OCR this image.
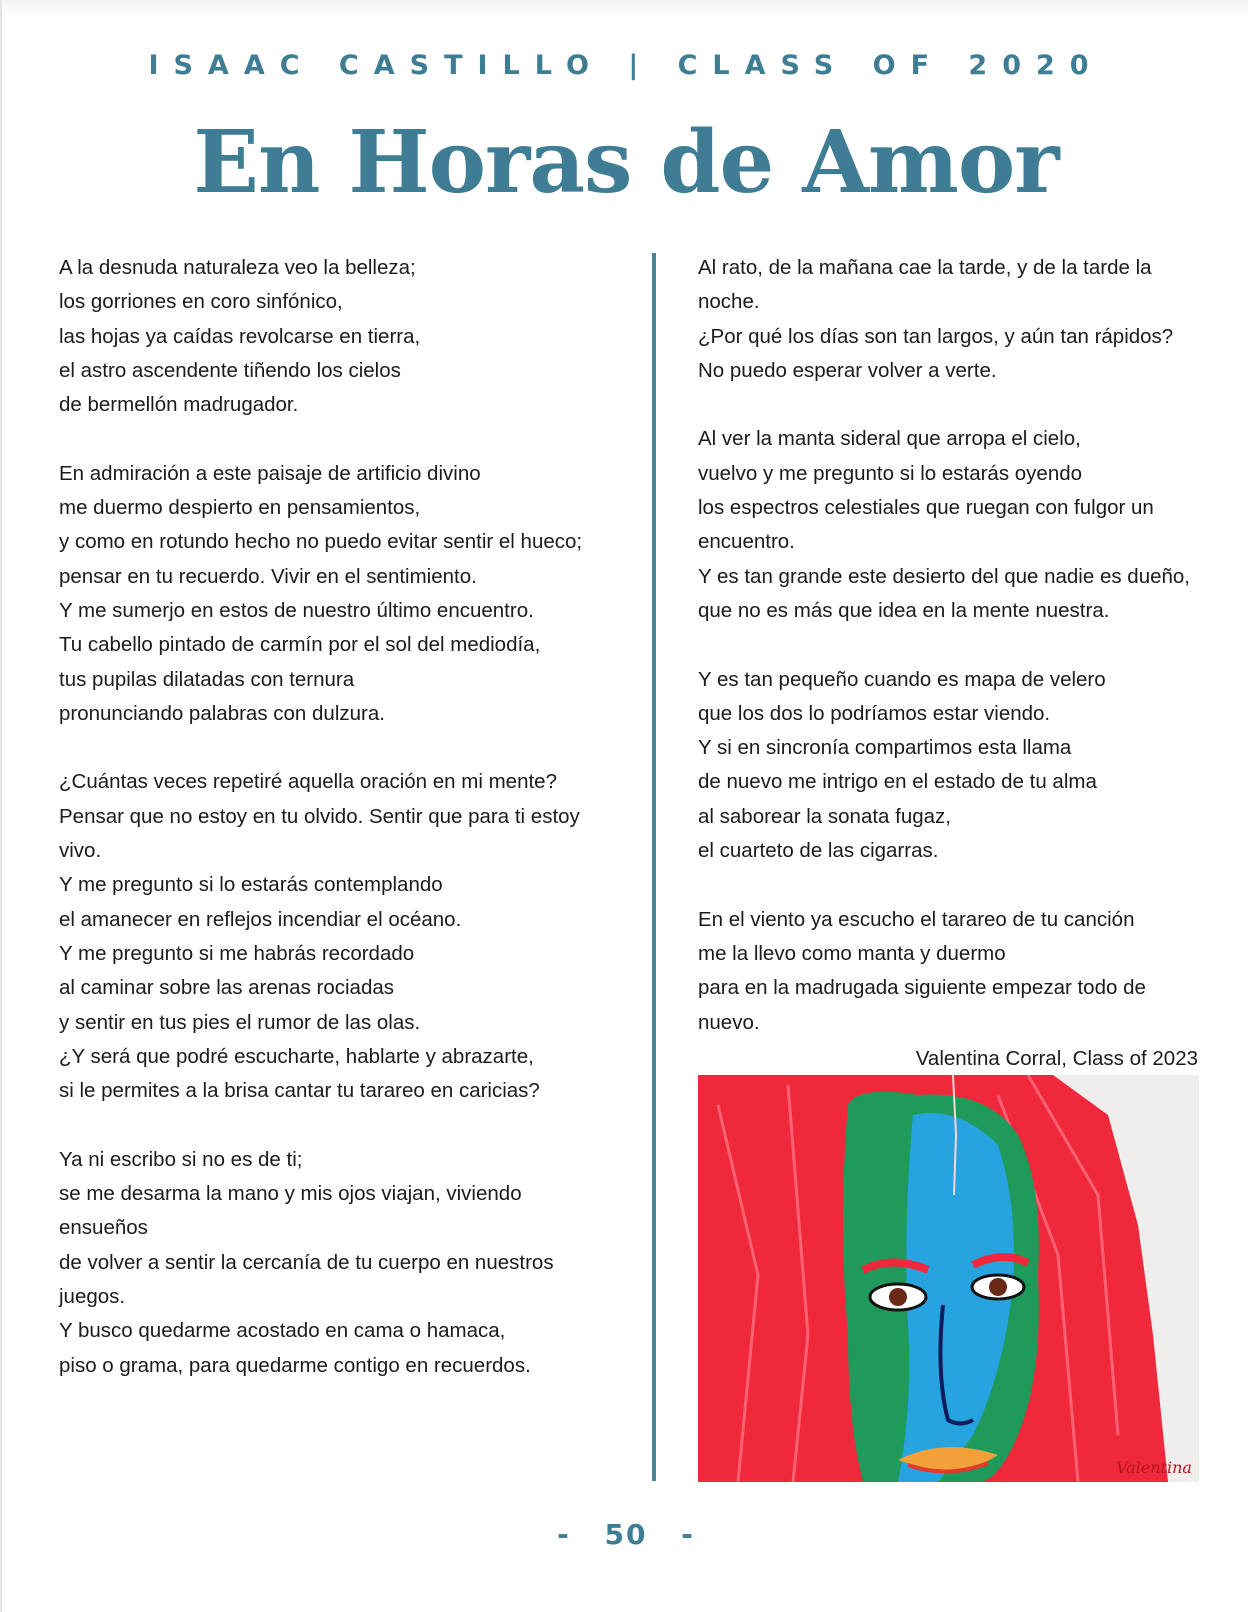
ISAAC CASTILLO | CLASS OF 2020
En Horas de Amor
A la desnuda naturaleza veo la belleza;
los gorriones en coro sinfónico,
las hojas ya caídas revolcarse en tierra,
el astro ascendente tiñendo los cielos
de bermellón madrugador.
En admiración a este paisaje de artificio divino
me duermo despierto en pensamientos,
y como en rotundo hecho no puedo evitar sentir el hueco;
pensar en tu recuerdo. Vivir en el sentimiento.
Y me sumerjo en estos de nuestro último encuentro.
Tu cabello pintado de carmín por el sol del mediodía,
tus pupilas dilatadas con ternura
pronunciando palabras con dulzura.
¿Cuántas veces repetiré aquella oración en mi mente?
Pensar que no estoy en tu olvido. Sentir que para ti estoy
vivo.
Y me pregunto si lo estarás contemplando
el amanecer en reflejos incendiar el océano.
Y me pregunto si me habrás recordado
al caminar sobre las arenas rociadas
y sentir en tus pies el rumor de las olas.
¿Y será que podré escucharte, hablarte y abrazarte,
si le permites a la brisa cantar tu tarareo en caricias?
Ya ni escribo si no es de ti;
se me desarma la mano y mis ojos viajan, viviendo
ensueños
de volver a sentir la cercanía de tu cuerpo en nuestros
juegos.
Y busco quedarme acostado en cama o hamaca,
piso o grama, para quedarme contigo en recuerdos.
Al rato, de la mañana cae la tarde, y de la tarde la
noche.
¿Por qué los días son tan largos, y aún tan rápidos?
No puedo esperar volver a verte.
Al ver la manta sideral que arropa el cielo,
vuelvo y me pregunto si lo estarás oyendo
los espectros celestiales que ruegan con fulgor un
encuentro.
Y es tan grande este desierto del que nadie es dueño,
que no es más que idea en la mente nuestra.
Y es tan pequeño cuando es mapa de velero
que los dos lo podríamos estar viendo.
Y si en sincronía compartimos esta llama
de nuevo me intrigo en el estado de tu alma
al saborear la sonata fugaz,
el cuarteto de las cigarras.
En el viento ya escucho el tarareo de tu canción
me la llevo como manta y duermo
para en la madrugada siguiente empezar todo de
nuevo.
Valentina Corral, Class of 2023
Valentina
- 50 -
